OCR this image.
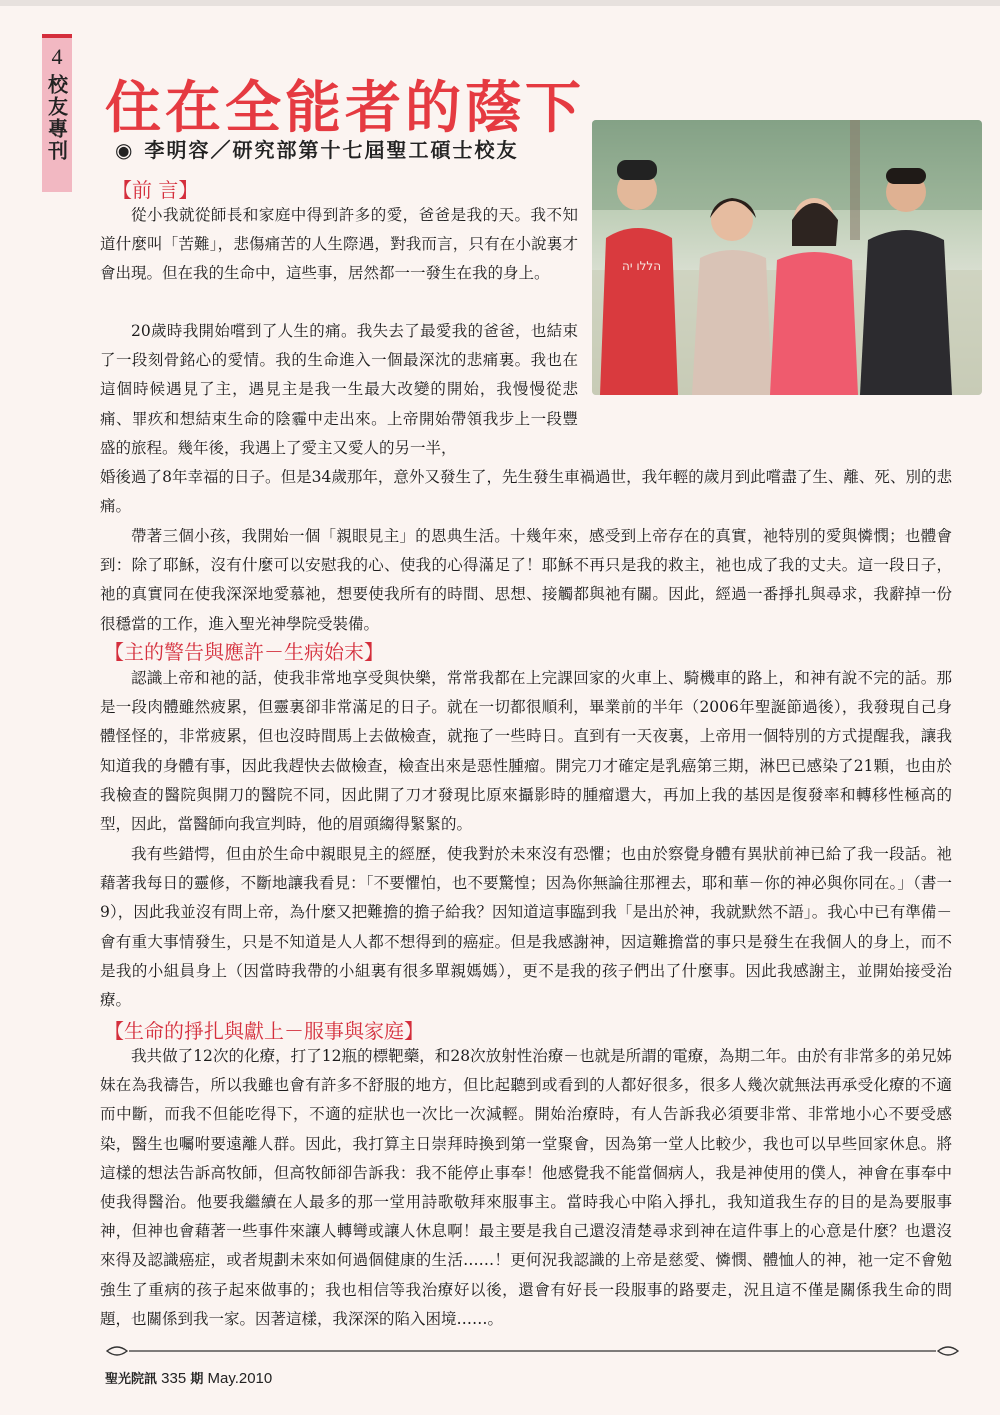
4
校友專刊 住在全能者的蔭下
◉ 李明容／研究部第十七屆聖工碩士校友
הללו יה
【前 言】

從小我就從師長和家庭中得到許多的愛，爸爸是我的天。我不知道什麼叫「苦難」，悲傷痛苦的人生際遇，對我而言，只有在小說裏才會出現。但在我的生命中，這些事，居然都一一發生在我的身上。

20歲時我開始嚐到了人生的痛。我失去了最愛我的爸爸，也結束了一段刻骨銘心的愛情。我的生命進入一個最深沈的悲痛裏。我也在這個時候遇見了主，遇見主是我一生最大改變的開始，我慢慢從悲痛、罪疚和想結束生命的陰霾中走出來。上帝開始帶領我步上一段豐盛的旅程。幾年後，我遇上了愛主又愛人的另一半，

婚後過了8年幸福的日子。但是34歲那年，意外又發生了，先生發生車禍過世，我年輕的歲月到此嚐盡了生、離、死、別的悲痛。

帶著三個小孩，我開始一個「親眼見主」的恩典生活。十幾年來，感受到上帝存在的真實，祂特別的愛與憐憫；也體會到：除了耶穌，沒有什麼可以安慰我的心、使我的心得滿足了！耶穌不再只是我的救主，祂也成了我的丈夫。這一段日子，祂的真實同在使我深深地愛慕祂，想要使我所有的時間、思想、接觸都與祂有關。因此，經過一番掙扎與尋求，我辭掉一份很穩當的工作，進入聖光神學院受裝備。

【主的警告與應許－生病始末】

認識上帝和祂的話，使我非常地享受與快樂，常常我都在上完課回家的火車上、騎機車的路上，和神有說不完的話。那是一段肉體雖然疲累，但靈裏卻非常滿足的日子。就在一切都很順利，畢業前的半年（2006年聖誕節過後），我發現自己身體怪怪的，非常疲累，但也沒時間馬上去做檢查，就拖了一些時日。直到有一天夜裏，上帝用一個特別的方式提醒我，讓我知道我的身體有事，因此我趕快去做檢查，檢查出來是惡性腫瘤。開完刀才確定是乳癌第三期，淋巴已感染了21顆，也由於我檢查的醫院與開刀的醫院不同，因此開了刀才發現比原來攝影時的腫瘤還大，再加上我的基因是復發率和轉移性極高的型，因此，當醫師向我宣判時，他的眉頭縐得緊緊的。

我有些錯愕，但由於生命中親眼見主的經歷，使我對於未來沒有恐懼；也由於察覺身體有異狀前神已給了我一段話。祂藉著我每日的靈修，不斷地讓我看見：「不要懼怕，也不要驚惶；因為你無論往那裡去，耶和華－你的神必與你同在。」（書一9），因此我並沒有問上帝，為什麼又把難擔的擔子給我？因知道這事臨到我「是出於神，我就默然不語」。我心中已有準備－會有重大事情發生，只是不知道是人人都不想得到的癌症。但是我感謝神，因這難擔當的事只是發生在我個人的身上，而不是我的小組員身上（因當時我帶的小組裏有很多單親媽媽），更不是我的孩子們出了什麼事。因此我感謝主，並開始接受治療。

【生命的掙扎與獻上－服事與家庭】

我共做了12次的化療，打了12瓶的標靶藥，和28次放射性治療－也就是所謂的電療，為期二年。由於有非常多的弟兄姊妹在為我禱告，所以我雖也會有許多不舒服的地方，但比起聽到或看到的人都好很多，很多人幾次就無法再承受化療的不適而中斷，而我不但能吃得下，不適的症狀也一次比一次減輕。開始治療時，有人告訴我必須要非常、非常地小心不要受感染，醫生也囑咐要遠離人群。因此，我打算主日崇拜時換到第一堂聚會，因為第一堂人比較少，我也可以早些回家休息。將這樣的想法告訴高牧師，但高牧師卻告訴我：我不能停止事奉！他感覺我不能當個病人，我是神使用的僕人，神會在事奉中使我得醫治。他要我繼續在人最多的那一堂用詩歌敬拜來服事主。當時我心中陷入掙扎，我知道我生存的目的是為要服事神，但神也會藉著一些事件來讓人轉彎或讓人休息啊！最主要是我自己還沒清楚尋求到神在這件事上的心意是什麼？也還沒來得及認識癌症，或者規劃未來如何過個健康的生活……！更何況我認識的上帝是慈愛、憐憫、體恤人的神，祂一定不會勉強生了重病的孩子起來做事的；我也相信等我治療好以後，還會有好長一段服事的路要走，況且這不僅是關係我生命的問題，也關係到我一家。因著這樣，我深深的陷入困境……。

聖光院訊 335 期 May.2010
